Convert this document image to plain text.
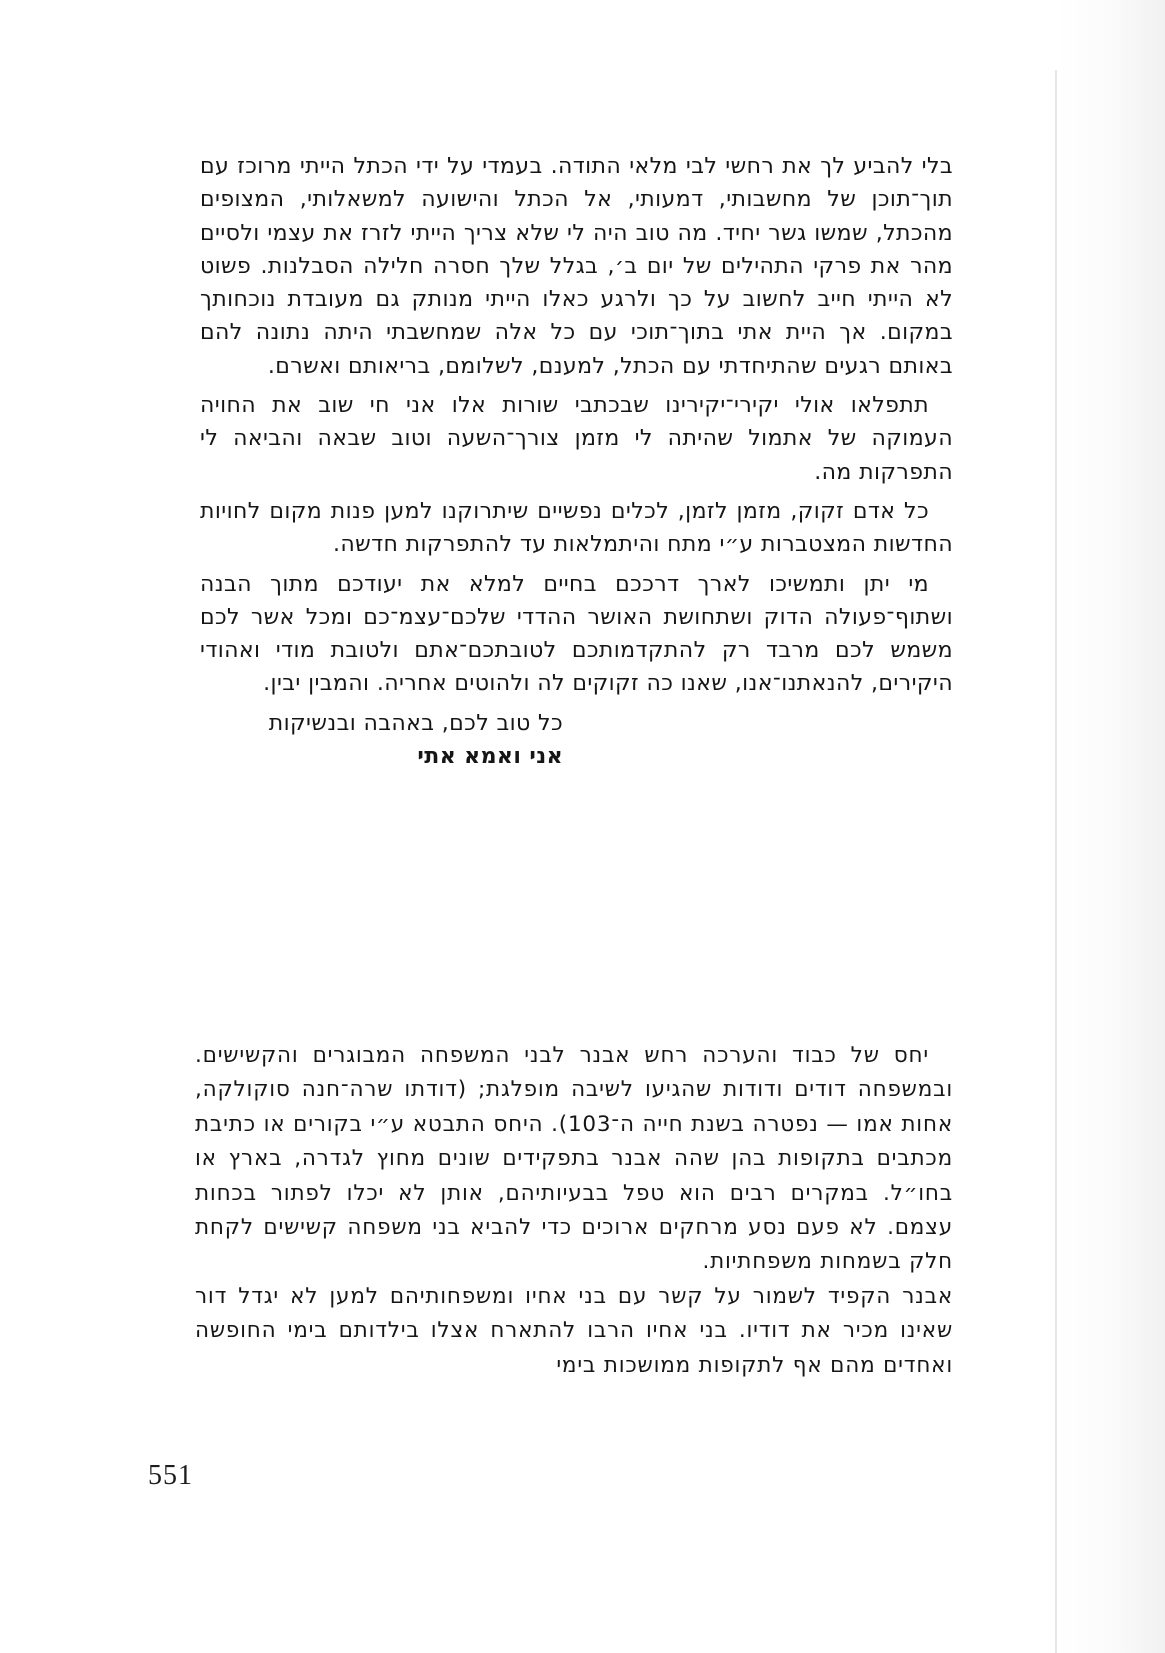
בלי להביע לך את רחשי לבי מלאי התודה. בעמדי על ידי הכתל הייתי מרוכז עם תוך־תוכן של מחשבותי, דמעותי, אל הכתל והישועה למשאלותי, המצופים מהכתל, שמשו גשר יחיד. מה טוב היה לי שלא צריך הייתי לזרז את עצמי ולסיים מהר את פרקי התהילים של יום ב׳, בגלל שלך חסרה חלילה הסבלנות. פשוט לא הייתי חייב לחשוב על כך ולרגע כאלו הייתי מנותק גם מעובדת נוכחותך במקום. אך היית אתי בתוך־תוכי עם כל אלה שמחשבתי היתה נתונה להם באותם רגעים שהתיחדתי עם הכתל, למענם, לשלומם, בריאותם ואשרם.

תתפלאו אולי יקירי־יקירינו שבכתבי שורות אלו אני חי שוב את החויה העמוקה של אתמול שהיתה לי מזמן צורך־השעה וטוב שבאה והביאה לי התפרקות מה.

כל אדם זקוק, מזמן לזמן, לכלים נפשיים שיתרוקנו למען פנות מקום לחויות החדשות המצטברות ע״י מתח והיתמלאות עד להתפרקות חדשה.

מי יתן ותמשיכו לארך דרככם בחיים למלא את יעודכם מתוך הבנה ושתוף־פעולה הדוק ושתחושת האושר ההדדי שלכם־עצמ־כם ומכל אשר לכם משמש לכם מרבד רק להתקדמותכם לטובתכם־אתם ולטובת מודי ואהודי היקירים, להנאתנו־אנו, שאנו כה זקוקים לה ולהוטים אחריה. והמבין יבין.

כל טוב לכם, באהבה ובנשיקות

אני ואמא אתי

יחס של כבוד והערכה רחש אבנר לבני המשפחה המבוגרים והקשישים. ובמשפחה דודים ודודות שהגיעו לשיבה מופלגת; (דודתו שרה־חנה סוקולקה, אחות אמו — נפטרה בשנת חייה ה־103). היחס התבטא ע״י בקורים או כתיבת מכתבים בתקופות בהן שהה אבנר בתפקידים שונים מחוץ לגדרה, בארץ או בחו״ל. במקרים רבים הוא טפל בבעיותיהם, אותן לא יכלו לפתור בכחות עצמם. לא פעם נסע מרחקים ארוכים כדי להביא בני משפחה קשישים לקחת חלק בשמחות משפחתיות.

אבנר הקפיד לשמור על קשר עם בני אחיו ומשפחותיהם למען לא יגדל דור שאינו מכיר את דודיו. בני אחיו הרבו להתארח אצלו בילדותם בימי החופשה ואחדים מהם אף לתקופות ממושכות בימי

551
